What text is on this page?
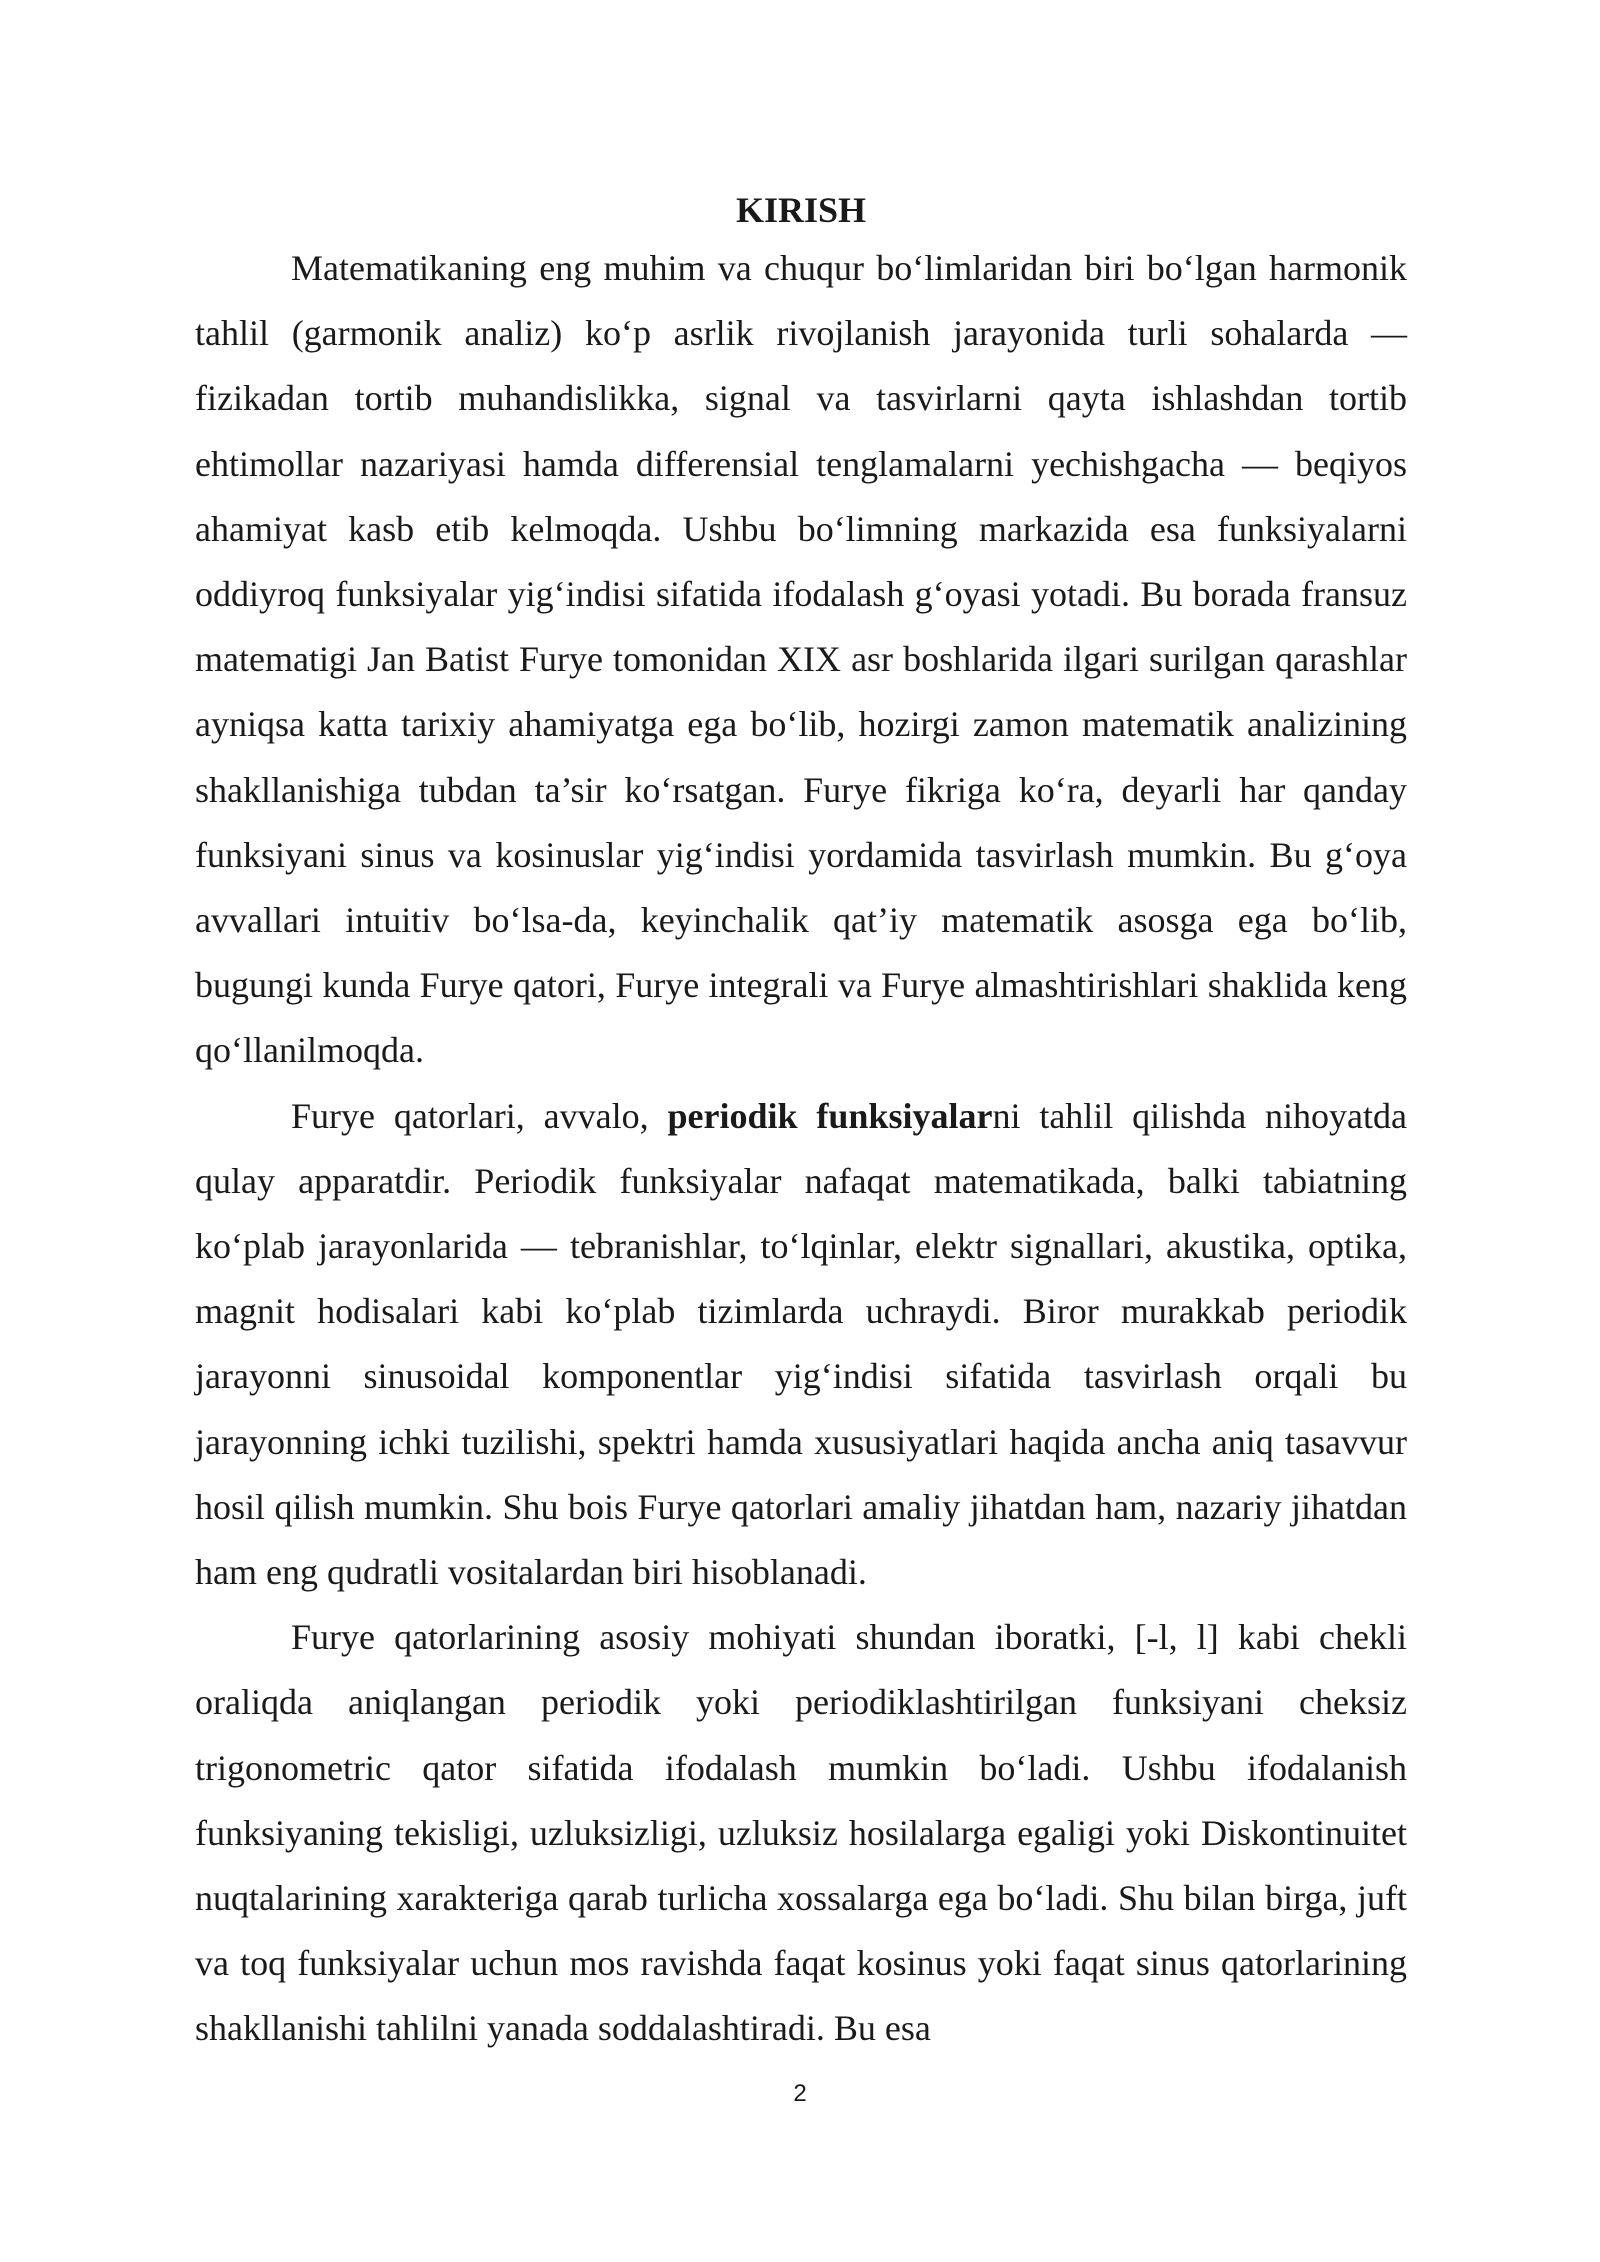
KIRISH

Matematikaning eng muhim va chuqur bo‘limlaridan biri bo‘lgan harmonik tahlil (garmonik analiz) ko‘p asrlik rivojlanish jarayonida turli sohalarda — fizikadan tortib muhandislikka, signal va tasvirlarni qayta ishlashdan tortib ehtimollar nazariyasi hamda differensial tenglamalarni yechishgacha — beqiyos ahamiyat kasb etib kelmoqda. Ushbu bo‘limning markazida esa funksiyalarni oddiyroq funksiyalar yig‘indisi sifatida ifodalash g‘oyasi yotadi. Bu borada fransuz matematigi Jan Batist Furye tomonidan XIX asr boshlarida ilgari surilgan qarashlar ayniqsa katta tarixiy ahamiyatga ega bo‘lib, hozirgi zamon matematik analizining shakllanishiga tubdan ta’sir ko‘rsatgan. Furye fikriga ko‘ra, deyarli har qanday funksiyani sinus va kosinuslar yig‘indisi yordamida tasvirlash mumkin. Bu g‘oya avvallari intuitiv bo‘lsa-da, keyinchalik qat’iy matematik asosga ega bo‘lib, bugungi kunda Furye qatori, Furye integrali va Furye almashtirishlari shaklida keng qo‘llanilmoqda.

Furye qatorlari, avvalo, periodik funksiyalarni tahlil qilishda nihoyatda qulay apparatdir. Periodik funksiyalar nafaqat matematikada, balki tabiatning ko‘plab jarayonlarida — tebranishlar, to‘lqinlar, elektr signallari, akustika, optika, magnit hodisalari kabi ko‘plab tizimlarda uchraydi. Biror murakkab periodik jarayonni sinusoidal komponentlar yig‘indisi sifatida tasvirlash orqali bu jarayonning ichki tuzilishi, spektri hamda xususiyatlari haqida ancha aniq tasavvur hosil qilish mumkin. Shu bois Furye qatorlari amaliy jihatdan ham, nazariy jihatdan ham eng qudratli vositalardan biri hisoblanadi.

Furye qatorlarining asosiy mohiyati shundan iboratki, [-l, l] kabi chekli oraliqda aniqlangan periodik yoki periodiklashtirilgan funksiyani cheksiz trigonometric qator sifatida ifodalash mumkin bo‘ladi. Ushbu ifodalanish funksiyaning tekisligi, uzluksizligi, uzluksiz hosilalarga egaligi yoki Diskontinuitet nuqtalarining xarakteriga qarab turlicha xossalarga ega bo‘ladi. Shu bilan birga, juft va toq funksiyalar uchun mos ravishda faqat kosinus yoki faqat sinus qatorlarining shakllanishi tahlilni yanada soddalashtiradi. Bu esa

2
